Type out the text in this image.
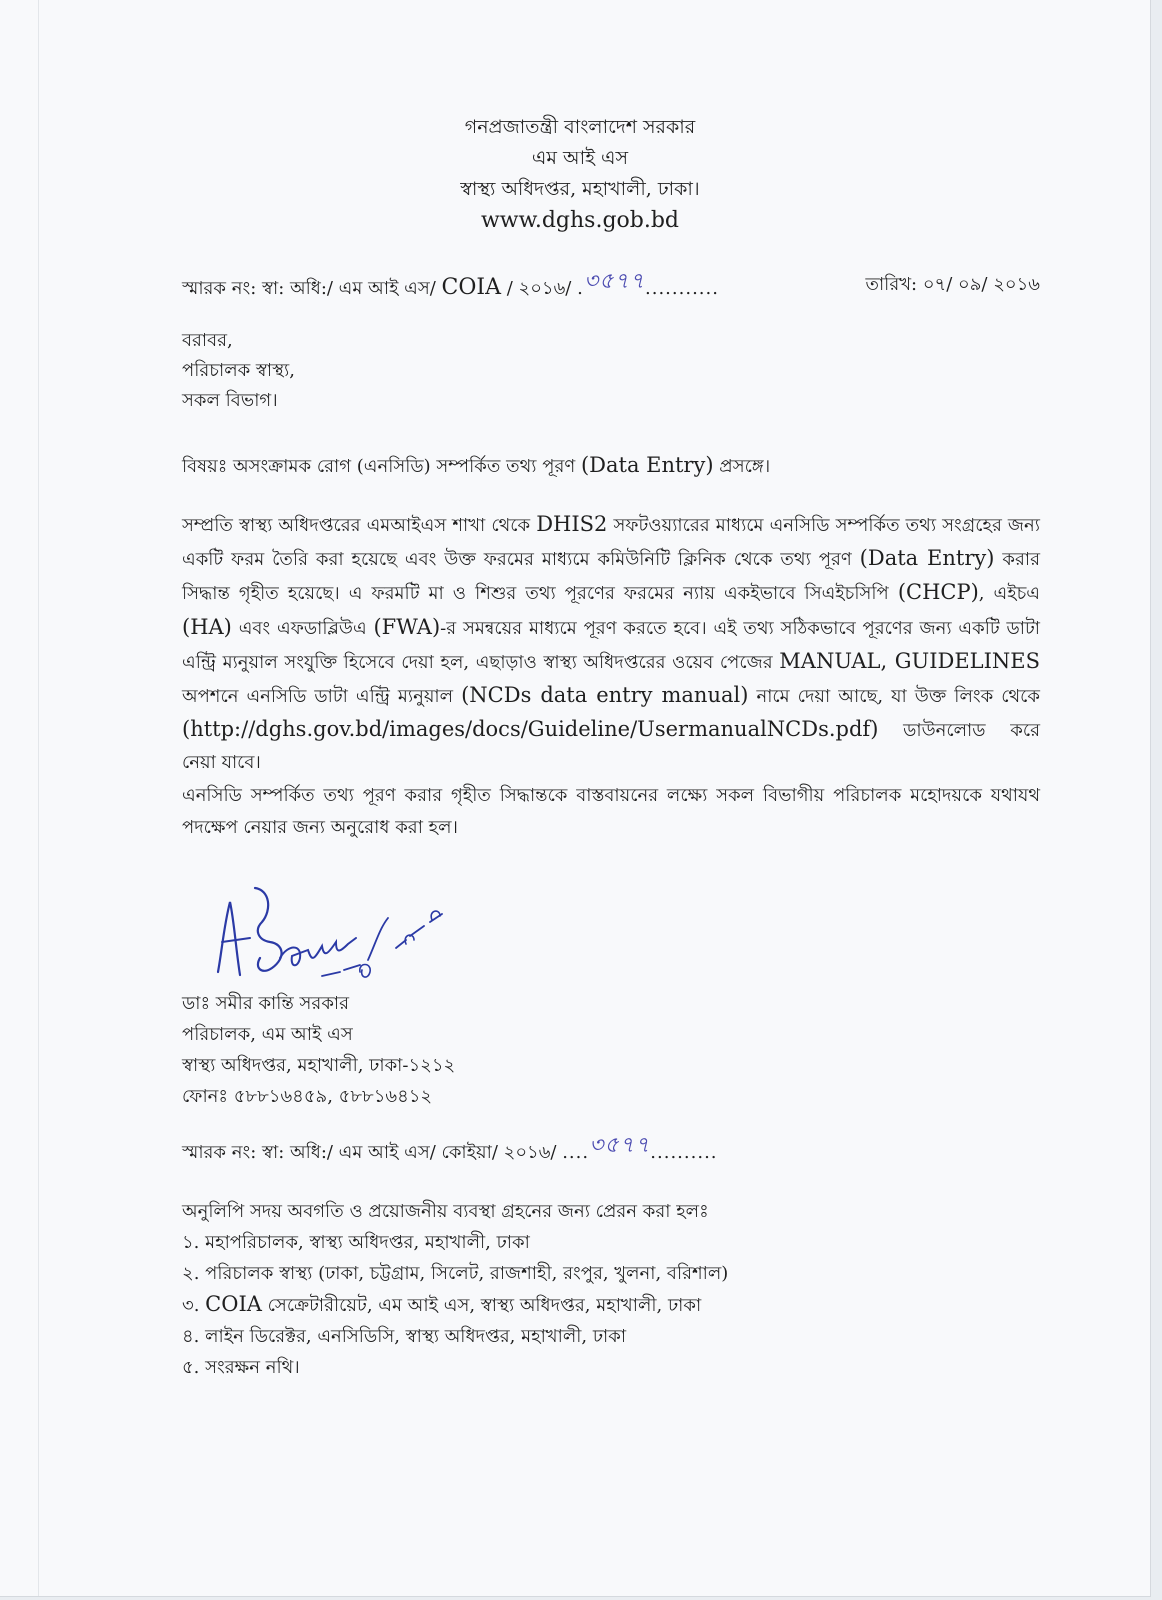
গনপ্রজাতন্ত্রী বাংলাদেশ সরকার
এম আই এস
স্বাস্থ্য অধিদপ্তর, মহাখালী, ঢাকা।
www.dghs.gob.bd
স্মারক নং: স্বা: অধি:/ এম আই এস/ COIA / ২০১৬/ .৩৫৭৭...........	তারিখ: ০৭/ ০৯/ ২০১৬
বরাবর,
পরিচালক স্বাস্থ্য,
সকল বিভাগ।
বিষয়ঃ অসংক্রামক রোগ (এনসিডি) সম্পর্কিত তথ্য পূরণ (Data Entry) প্রসঙ্গে।

সম্প্রতি স্বাস্থ্য অধিদপ্তরের এমআইএস শাখা থেকে DHIS2 সফটওয়্যারের মাধ্যমে এনসিডি সম্পর্কিত তথ্য সংগ্রহের জন্য একটি ফরম তৈরি করা হয়েছে এবং উক্ত ফরমের মাধ্যমে কমিউনিটি ক্লিনিক থেকে তথ্য পূরণ (Data Entry) করার সিদ্ধান্ত গৃহীত হয়েছে। এ ফরমটি মা ও শিশুর তথ্য পূরণের ফরমের ন্যায় একইভাবে সিএইচসিপি (CHCP), এইচএ (HA) এবং এফডাব্লিউএ (FWA)-র সমন্বয়ের মাধ্যমে পূরণ করতে হবে। এই তথ্য সঠিকভাবে পূরণের জন্য একটি ডাটা এন্ট্রি ম্যনুয়াল সংযুক্তি হিসেবে দেয়া হল, এছাড়াও স্বাস্থ্য অধিদপ্তরের ওয়েব পেজের MANUAL, GUIDELINES অপশনে এনসিডি ডাটা এন্ট্রি ম্যনুয়াল (NCDs data entry manual) নামে দেয়া আছে, যা উক্ত লিংক থেকে (http://dghs.gov.bd/images/docs/Guideline/UsermanualNCDs.pdf) ডাউনলোড করে নেয়া যাবে।

এনসিডি সম্পর্কিত তথ্য পূরণ করার গৃহীত সিদ্ধান্তকে বাস্তবায়নের লক্ষ্যে সকল বিভাগীয় পরিচালক মহোদয়কে যথাযথ পদক্ষেপ নেয়ার জন্য অনুরোধ করা হল।

ডাঃ সমীর কান্তি সরকার
পরিচালক, এম আই এস
স্বাস্থ্য অধিদপ্তর, মহাখালী, ঢাকা-১২১২
ফোনঃ ৫৮৮১৬৪৫৯, ৫৮৮১৬৪১২
স্মারক নং: স্বা: অধি:/ এম আই এস/ কোইয়া/ ২০১৬/ ....৩৫৭৭..........
অনুলিপি সদয় অবগতি ও প্রয়োজনীয় ব্যবস্থা গ্রহনের জন্য প্রেরন করা হলঃ
১. মহাপরিচালক, স্বাস্থ্য অধিদপ্তর, মহাখালী, ঢাকা
২. পরিচালক স্বাস্থ্য (ঢাকা, চট্টগ্রাম, সিলেট, রাজশাহী, রংপুর, খুলনা, বরিশাল)
৩. COIA সেক্রেটারীয়েট, এম আই এস, স্বাস্থ্য অধিদপ্তর, মহাখালী, ঢাকা
৪. লাইন ডিরেক্টর, এনসিডিসি, স্বাস্থ্য অধিদপ্তর, মহাখালী, ঢাকা
৫. সংরক্ষন নথি।
